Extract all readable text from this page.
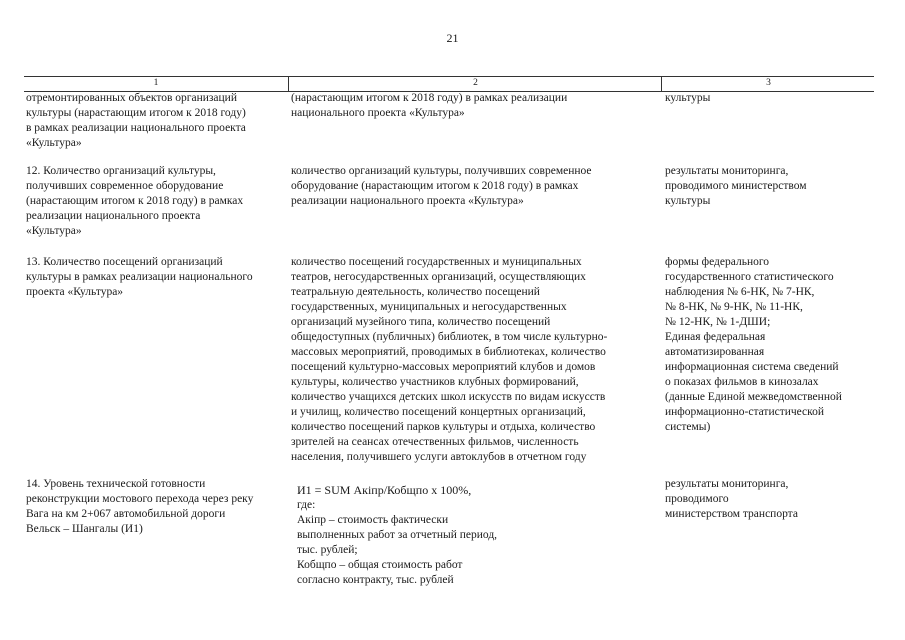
21
1	2	3
отремонтированных объектов организаций
культуры (нарастающим итогом к 2018 году)
в рамках реализации национального проекта
«Культура»
(нарастающим итогом к 2018 году) в рамках реализации
национального проекта «Культура»
культуры
12. Количество организаций культуры,
получивших современное оборудование
(нарастающим итогом к 2018 году) в рамках
реализации национального проекта
«Культура»
количество организаций культуры, получивших современное
оборудование (нарастающим итогом к 2018 году) в рамках
реализации национального проекта «Культура»
результаты мониторинга,
проводимого министерством
культуры
13. Количество посещений организаций
культуры в рамках реализации национального
проекта «Культура»
количество посещений государственных и муниципальных
театров, негосударственных организаций, осуществляющих
театральную деятельность, количество посещений
государственных, муниципальных и негосударственных
организаций музейного типа, количество посещений
общедоступных (публичных) библиотек, в том числе культурно-
массовых мероприятий, проводимых в библиотеках, количество
посещений культурно-массовых мероприятий клубов и домов
культуры, количество участников клубных формирований,
количество учащихся детских школ искусств по видам искусств
и училищ, количество посещений концертных организаций,
количество посещений парков культуры и отдыха, количество
зрителей на сеансах отечественных фильмов, численность
населения, получившего услуги автоклубов в отчетном году
формы федерального
государственного статистического
наблюдения № 6-НК, № 7-НК,
№ 8-НК, № 9-НК, № 11-НК,
№ 12-НК, № 1-ДШИ;
Единая федеральная
автоматизированная
информационная система сведений
о показах фильмов в кинозалах
(данные Единой межведомственной
информационно-статистической
системы)
14. Уровень технической готовности
реконструкции мостового перехода через реку
Вага на км 2+067 автомобильной дороги
Вельск – Шангалы (И1)
И1 = SUM Акiпр/Кобщпо х 100%,
где:
Акiпр – стоимость фактически
выполненных работ за отчетный период,
тыс. рублей;
Кобщпо – общая стоимость работ
согласно контракту, тыс. рублей
результаты мониторинга,
проводимого
министерством транспорта
